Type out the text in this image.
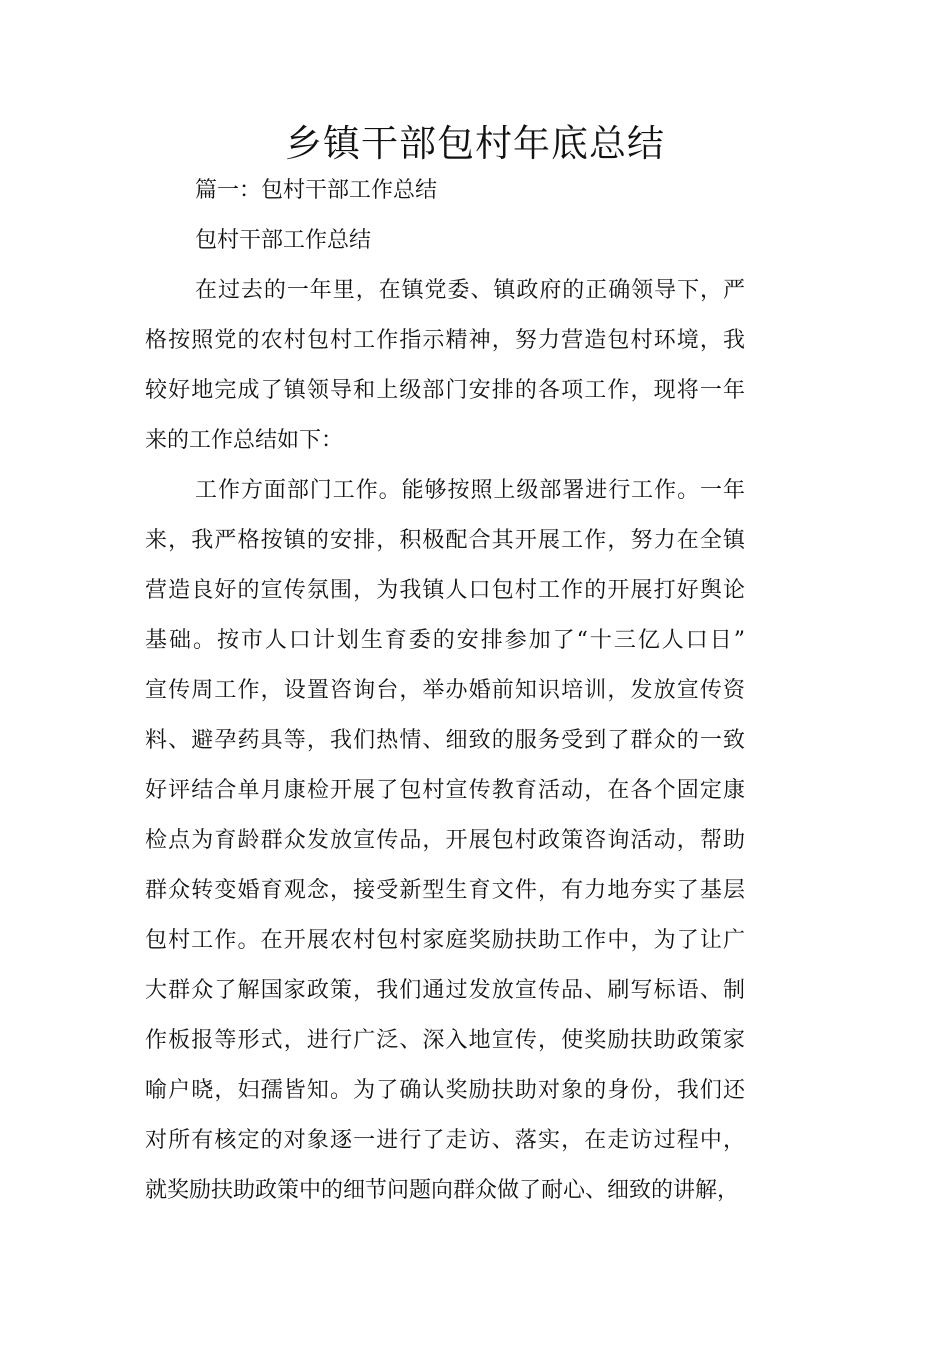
乡镇干部包村年底总结

篇一：包村干部工作总结

包村干部工作总结

在过去的一年里，在镇党委、镇政府的正确领导下，严
格按照党的农村包村工作指示精神，努力营造包村环境，我
较好地完成了镇领导和上级部门安排的各项工作，现将一年
来的工作总结如下：

工作方面部门工作。能够按照上级部署进行工作。一年
来，我严格按镇的安排，积极配合其开展工作，努力在全镇
营造良好的宣传氛围，为我镇人口包村工作的开展打好舆论
基础。按市人口计划生育委的安排参加了“十三亿人口日”
宣传周工作，设置咨询台，举办婚前知识培训，发放宣传资
料、避孕药具等，我们热情、细致的服务受到了群众的一致
好评结合单月康检开展了包村宣传教育活动，在各个固定康
检点为育龄群众发放宣传品，开展包村政策咨询活动，帮助
群众转变婚育观念，接受新型生育文件，有力地夯实了基层
包村工作。在开展农村包村家庭奖励扶助工作中，为了让广
大群众了解国家政策，我们通过发放宣传品、刷写标语、制
作板报等形式，进行广泛、深入地宣传，使奖励扶助政策家
喻户晓，妇孺皆知。为了确认奖励扶助对象的身份，我们还
对所有核定的对象逐一进行了走访、落实，在走访过程中，
就奖励扶助政策中的细节问题向群众做了耐心、细致的讲解，
